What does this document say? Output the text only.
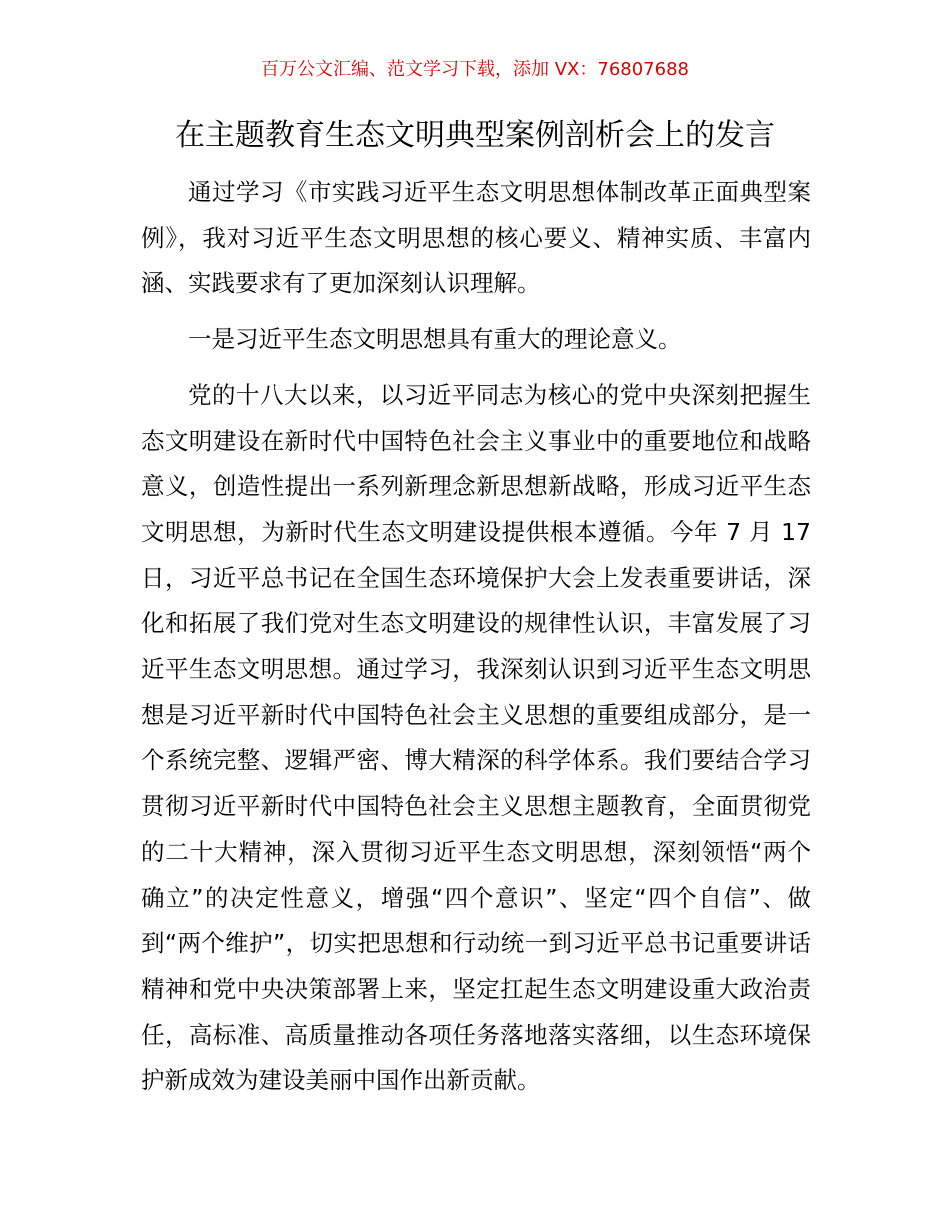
百万公文汇编、范文学习下载，添加 VX：76807688
在主题教育生态文明典型案例剖析会上的发言

通过学习《市实践习近平生态文明思想体制改革正面典型案例》，我对习近平生态文明思想的核心要义、精神实质、丰富内涵、实践要求有了更加深刻认识理解。

一是习近平生态文明思想具有重大的理论意义。

党的十八大以来，以习近平同志为核心的党中央深刻把握生态文明建设在新时代中国特色社会主义事业中的重要地位和战略意义，创造性提出一系列新理念新思想新战略，形成习近平生态文明思想，为新时代生态文明建设提供根本遵循。今年 7 月 17 日，习近平总书记在全国生态环境保护大会上发表重要讲话，深化和拓展了我们党对生态文明建设的规律性认识，丰富发展了习近平生态文明思想。通过学习，我深刻认识到习近平生态文明思想是习近平新时代中国特色社会主义思想的重要组成部分，是一个系统完整、逻辑严密、博大精深的科学体系。我们要结合学习贯彻习近平新时代中国特色社会主义思想主题教育，全面贯彻党的二十大精神，深入贯彻习近平生态文明思想，深刻领悟“两个确立”的决定性意义，增强“四个意识”、坚定“四个自信”、做到“两个维护”，切实把思想和行动统一到习近平总书记重要讲话精神和党中央决策部署上来，坚定扛起生态文明建设重大政治责任，高标准、高质量推动各项任务落地落实落细，以生态环境保护新成效为建设美丽中国作出新贡献。
